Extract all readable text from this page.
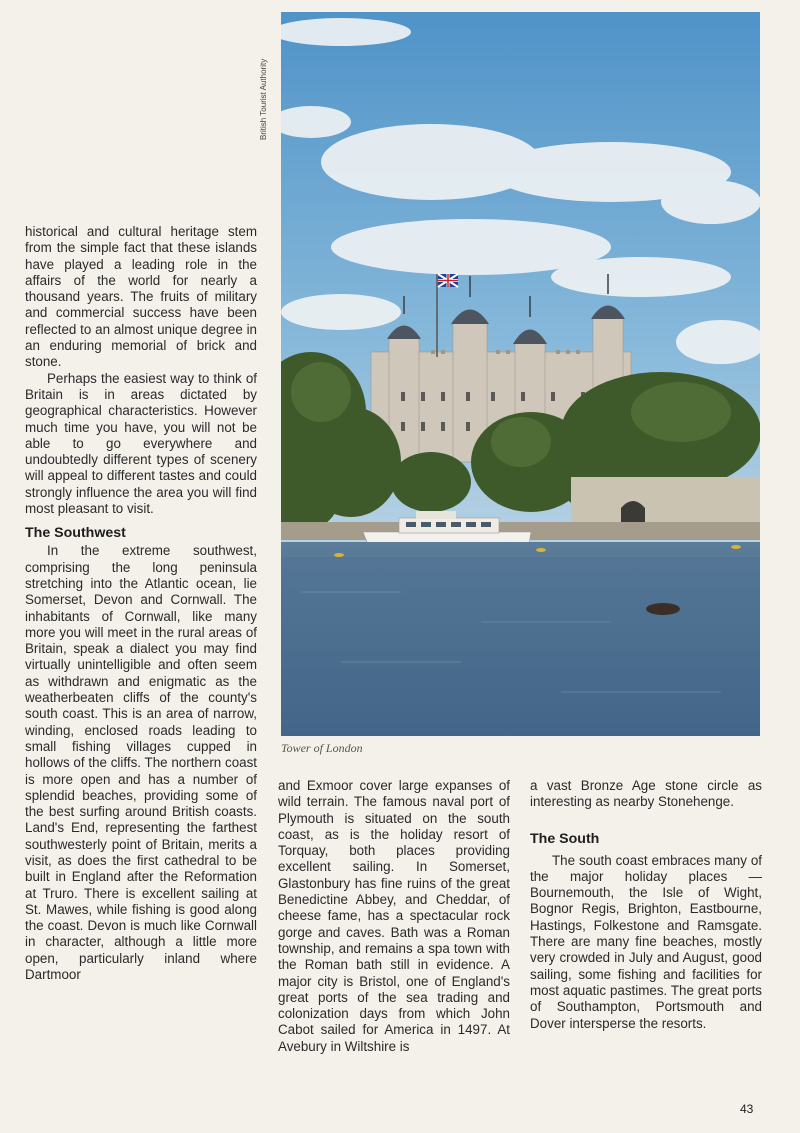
British Tourist Authority
Tower of London

historical and cultural heritage stem from the simple fact that these islands have played a leading role in the affairs of the world for nearly a thousand years. The fruits of military and commercial success have been reflected to an almost unique degree in an enduring memorial of brick and stone.

Perhaps the easiest way to think of Britain is in areas dictated by geographical characteristics. However much time you have, you will not be able to go everywhere and undoubtedly different types of scenery will appeal to different tastes and could strongly influence the area you will find most pleasant to visit.

The Southwest

In the extreme southwest, comprising the long peninsula stretching into the Atlantic ocean, lie Somerset, Devon and Cornwall. The inhabitants of Cornwall, like many more you will meet in the rural areas of Britain, speak a dialect you may find virtually unintelligible and often seem as withdrawn and enigmatic as the weatherbeaten cliffs of the county's south coast. This is an area of narrow, winding, enclosed roads leading to small fishing villages cupped in hollows of the cliffs. The northern coast is more open and has a number of splendid beaches, providing some of the best surfing around British coasts. Land's End, representing the farthest southwesterly point of Britain, merits a visit, as does the first cathedral to be built in England after the Reformation at Truro. There is excellent sailing at St. Mawes, while fishing is good along the coast. Devon is much like Cornwall in character, although a little more open, particularly inland where Dartmoor

and Exmoor cover large expanses of wild terrain. The famous naval port of Plymouth is situated on the south coast, as is the holiday resort of Torquay, both places providing excellent sailing. In Somerset, Glastonbury has fine ruins of the great Benedictine Abbey, and Cheddar, of cheese fame, has a spectacular rock gorge and caves. Bath was a Roman township, and remains a spa town with the Roman bath still in evidence. A major city is Bristol, one of England's great ports of the sea trading and colonization days from which John Cabot sailed for America in 1497. At Avebury in Wiltshire is

a vast Bronze Age stone circle as interesting as nearby Stonehenge.

The South

The south coast embraces many of the major holiday places — Bournemouth, the Isle of Wight, Bognor Regis, Brighton, Eastbourne, Hastings, Folkestone and Ramsgate. There are many fine beaches, mostly very crowded in July and August, good sailing, some fishing and facilities for most aquatic pastimes. The great ports of Southampton, Portsmouth and Dover intersperse the resorts.

43
